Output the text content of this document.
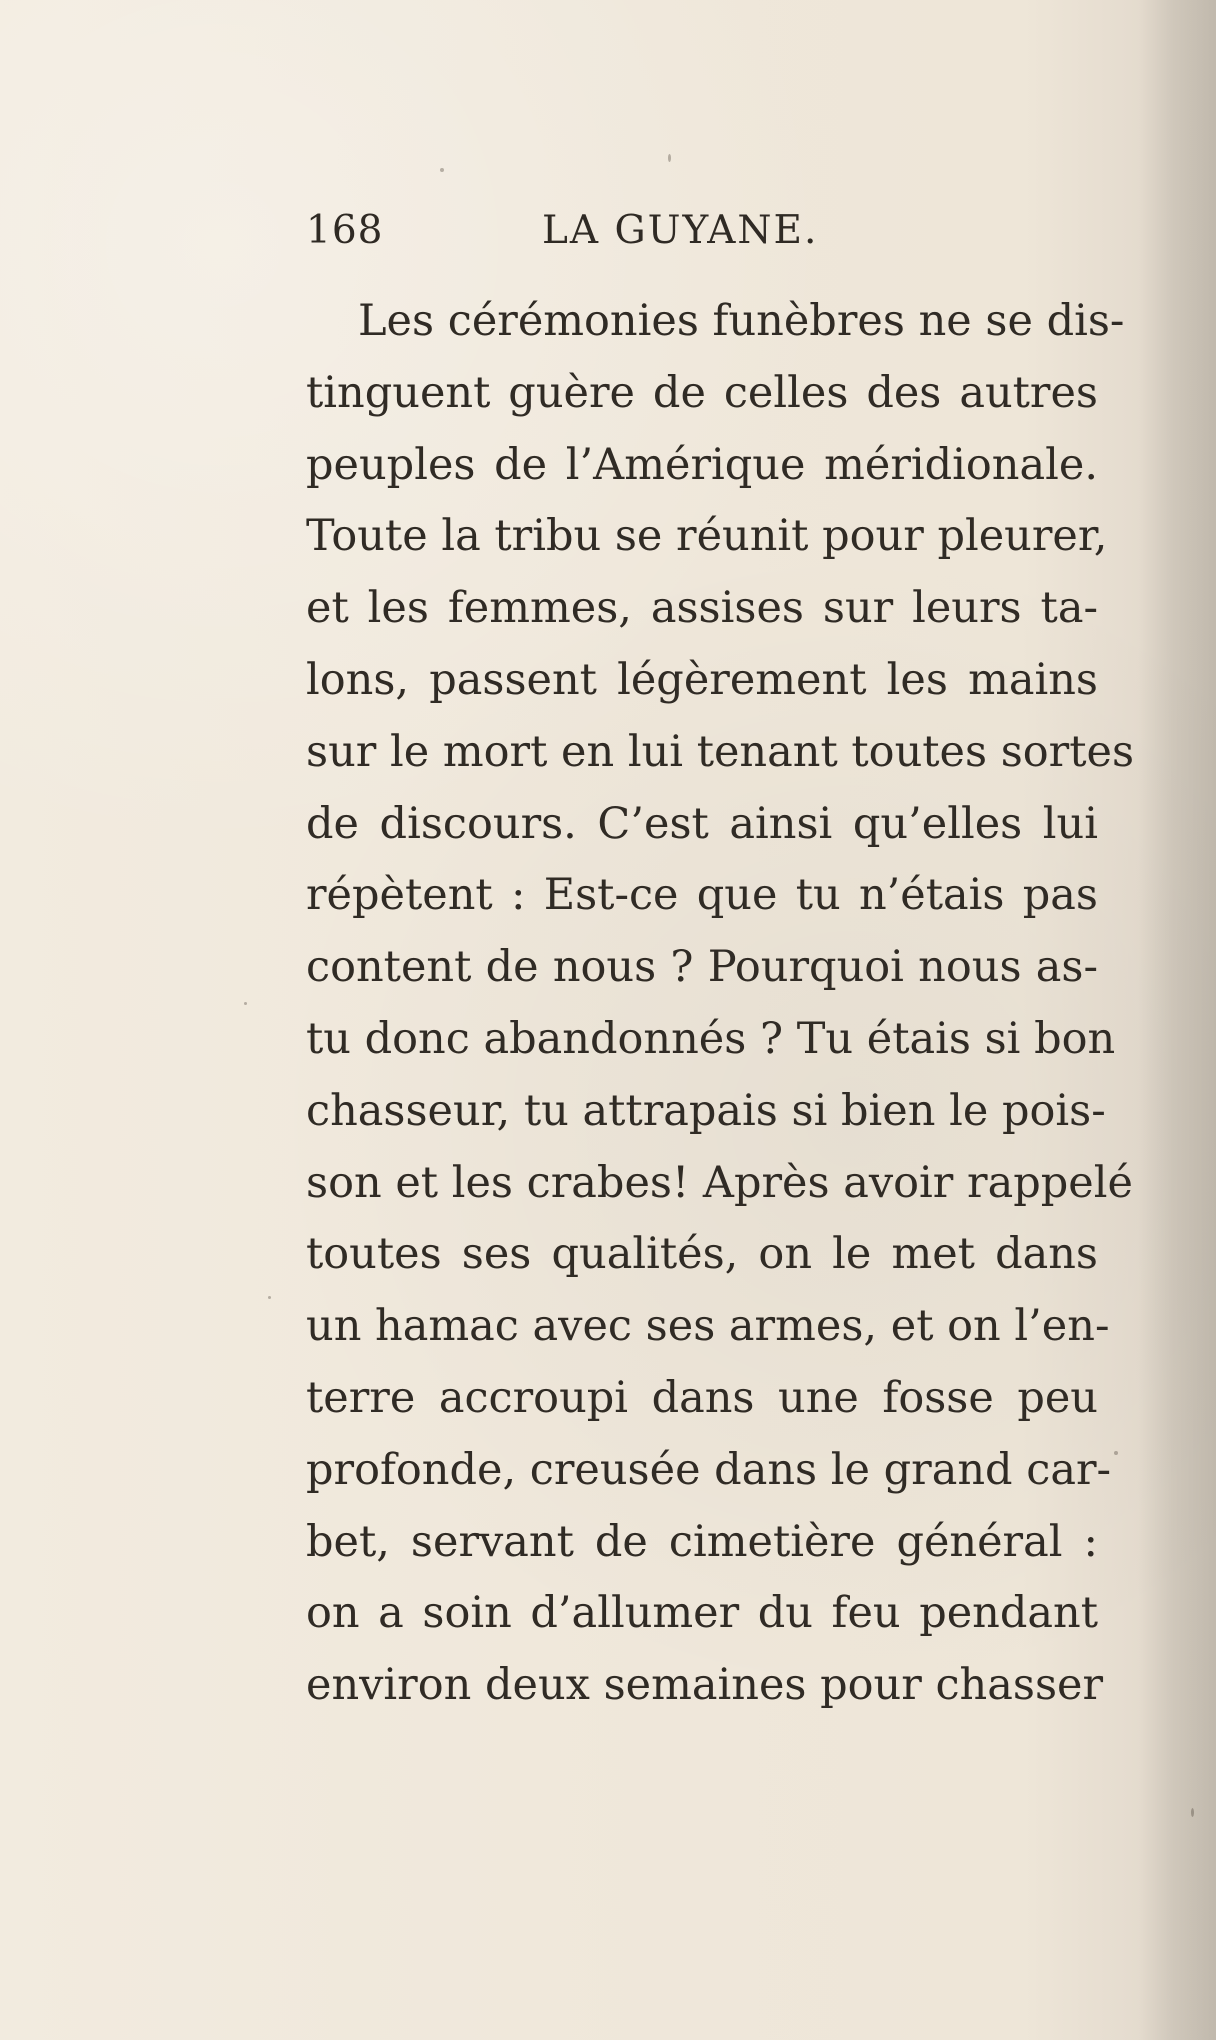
168	LA GUYANE.
Les cérémonies funèbres ne se dis-
tinguent guère de celles des autres
peuples de l’Amérique méridionale.
Toute la tribu se réunit pour pleurer,
et les femmes, assises sur leurs ta-
lons, passent légèrement les mains
sur le mort en lui tenant toutes sortes
de discours. C’est ainsi qu’elles lui
répètent : Est-ce que tu n’étais pas
content de nous ? Pourquoi nous as-
tu donc abandonnés ? Tu étais si bon
chasseur, tu attrapais si bien le pois-
son et les crabes! Après avoir rappelé
toutes ses qualités, on le met dans
un hamac avec ses armes, et on l’en-
terre accroupi dans une fosse peu
profonde, creusée dans le grand car-
bet, servant de cimetière général :
on a soin d’allumer du feu pendant
environ deux semaines pour chasser
